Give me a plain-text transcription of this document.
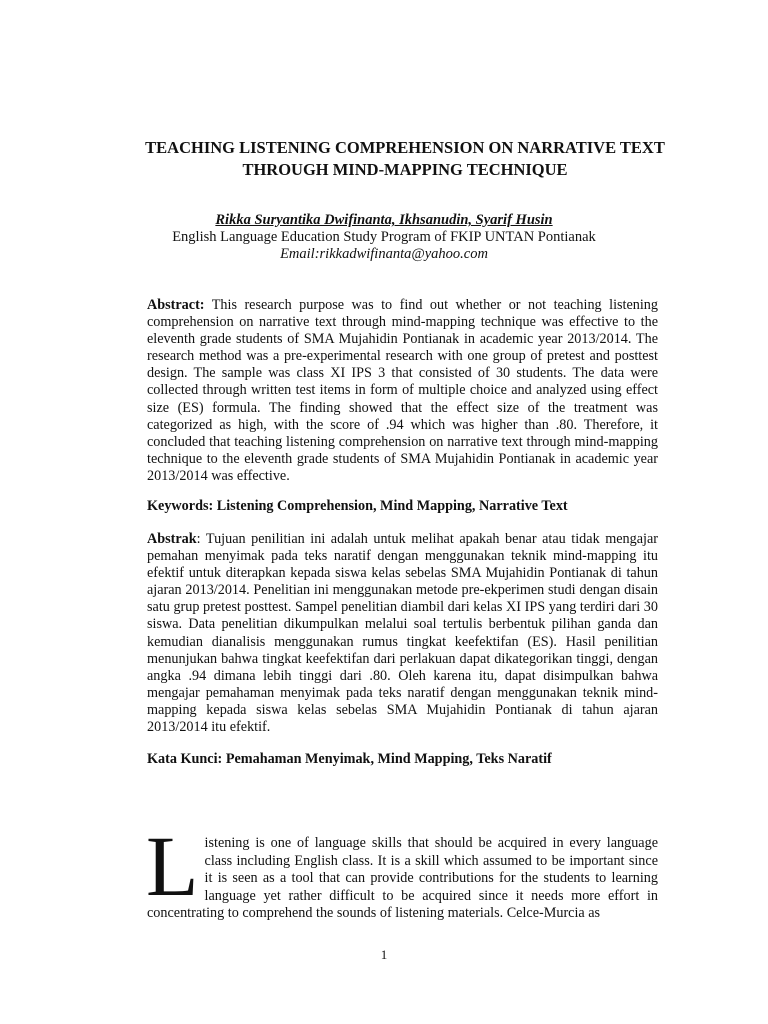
TEACHING LISTENING COMPREHENSION ON NARRATIVE TEXT THROUGH MIND-MAPPING TECHNIQUE
Rikka Suryantika Dwifinanta, Ikhsanudin, Syarif Husin
English Language Education Study Program of FKIP UNTAN Pontianak
Email:rikkadwifinanta@yahoo.com
Abstract: This research purpose was to find out whether or not teaching listening comprehension on narrative text through mind-mapping technique was effective to the eleventh grade students of SMA Mujahidin Pontianak in academic year 2013/2014. The research method was a pre-experimental research with one group of pretest and posttest design. The sample was class XI IPS 3 that consisted of 30 students. The data were collected through written test items in form of multiple choice and analyzed using effect size (ES) formula. The finding showed that the effect size of the treatment was categorized as high, with the score of .94 which was higher than .80. Therefore, it concluded that teaching listening comprehension on narrative text through mind-mapping technique to the eleventh grade students of SMA Mujahidin Pontianak in academic year 2013/2014 was effective.
Keywords: Listening Comprehension, Mind Mapping, Narrative Text
Abstrak: Tujuan penilitian ini adalah untuk melihat apakah benar atau tidak mengajar pemahan menyimak pada teks naratif dengan menggunakan teknik mind-mapping itu efektif untuk diterapkan kepada siswa kelas sebelas SMA Mujahidin Pontianak di tahun ajaran 2013/2014. Penelitian ini menggunakan metode pre-ekperimen studi dengan disain satu grup pretest posttest. Sampel penelitian diambil dari kelas XI IPS yang terdiri dari 30 siswa. Data penelitian dikumpulkan melalui soal tertulis berbentuk pilihan ganda dan kemudian dianalisis menggunakan rumus tingkat keefektifan (ES). Hasil penilitian menunjukan bahwa tingkat keefektifan dari perlakuan dapat dikategorikan tinggi, dengan angka .94 dimana lebih tinggi dari .80. Oleh karena itu, dapat disimpulkan bahwa mengajar pemahaman menyimak pada teks naratif dengan menggunakan teknik mind-mapping kepada siswa kelas sebelas SMA Mujahidin Pontianak di tahun ajaran 2013/2014 itu efektif.
Kata Kunci: Pemahaman Menyimak, Mind Mapping, Teks Naratif
Listening is one of language skills that should be acquired in every language class including English class. It is a skill which assumed to be important since it is seen as a tool that can provide contributions for the students to learning language yet rather difficult to be acquired since it needs more effort in concentrating to comprehend the sounds of listening materials. Celce-Murcia as
1
